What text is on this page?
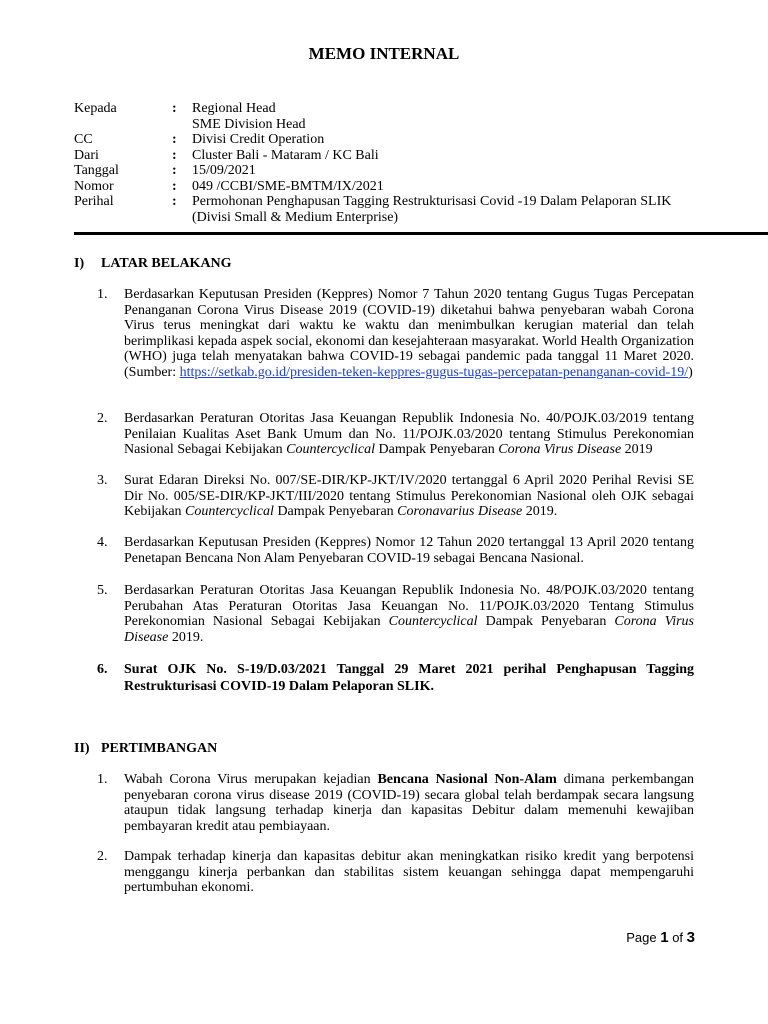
MEMO INTERNAL
Kepada	:	Regional Head
SME Division Head
CC	:	Divisi Credit Operation
Dari	:	Cluster Bali - Mataram / KC Bali
Tanggal	:	15/09/2021
Nomor	:	049 /CCBI/SME-BMTM/IX/2021
Perihal	:	Permohonan Penghapusan Tagging Restrukturisasi Covid -19 Dalam Pelaporan SLIK
(Divisi Small & Medium Enterprise)
I) LATAR BELAKANG
1.	Berdasarkan Keputusan Presiden (Keppres) Nomor 7 Tahun 2020 tentang Gugus Tugas Percepatan Penanganan Corona Virus Disease 2019 (COVID-19) diketahui bahwa penyebaran wabah Corona Virus terus meningkat dari waktu ke waktu dan menimbulkan kerugian material dan telah berimplikasi kepada aspek social, ekonomi dan kesejahteraan masyarakat. World Health Organization (WHO) juga telah menyatakan bahwa COVID-19 sebagai pandemic pada tanggal 11 Maret 2020. (Sumber: https://setkab.go.id/presiden-teken-keppres-gugus-tugas-percepatan-penanganan-covid-19/)
2.	Berdasarkan Peraturan Otoritas Jasa Keuangan Republik Indonesia No. 40/POJK.03/2019 tentang Penilaian Kualitas Aset Bank Umum dan No. 11/POJK.03/2020 tentang Stimulus Perekonomian Nasional Sebagai Kebijakan Countercyclical Dampak Penyebaran Corona Virus Disease 2019
3.	Surat Edaran Direksi No. 007/SE-DIR/KP-JKT/IV/2020 tertanggal 6 April 2020 Perihal Revisi SE Dir No. 005/SE-DIR/KP-JKT/III/2020 tentang Stimulus Perekonomian Nasional oleh OJK sebagai Kebijakan Countercyclical Dampak Penyebaran Coronavarius Disease 2019.
4.	Berdasarkan Keputusan Presiden (Keppres) Nomor 12 Tahun 2020 tertanggal 13 April 2020 tentang Penetapan Bencana Non Alam Penyebaran COVID-19 sebagai Bencana Nasional.
5.	Berdasarkan Peraturan Otoritas Jasa Keuangan Republik Indonesia No. 48/POJK.03/2020 tentang Perubahan Atas Peraturan Otoritas Jasa Keuangan No. 11/POJK.03/2020 Tentang Stimulus Perekonomian Nasional Sebagai Kebijakan Countercyclical Dampak Penyebaran Corona Virus Disease 2019.
6.	Surat OJK No. S-19/D.03/2021 Tanggal 29 Maret 2021 perihal Penghapusan Tagging Restrukturisasi COVID-19 Dalam Pelaporan SLIK.
II) PERTIMBANGAN
1.	Wabah Corona Virus merupakan kejadian Bencana Nasional Non-Alam dimana perkembangan penyebaran corona virus disease 2019 (COVID-19) secara global telah berdampak secara langsung ataupun tidak langsung terhadap kinerja dan kapasitas Debitur dalam memenuhi kewajiban pembayaran kredit atau pembiayaan.
2.	Dampak terhadap kinerja dan kapasitas debitur akan meningkatkan risiko kredit yang berpotensi menggangu kinerja perbankan dan stabilitas sistem keuangan sehingga dapat mempengaruhi pertumbuhan ekonomi.
Page 1 of 3
